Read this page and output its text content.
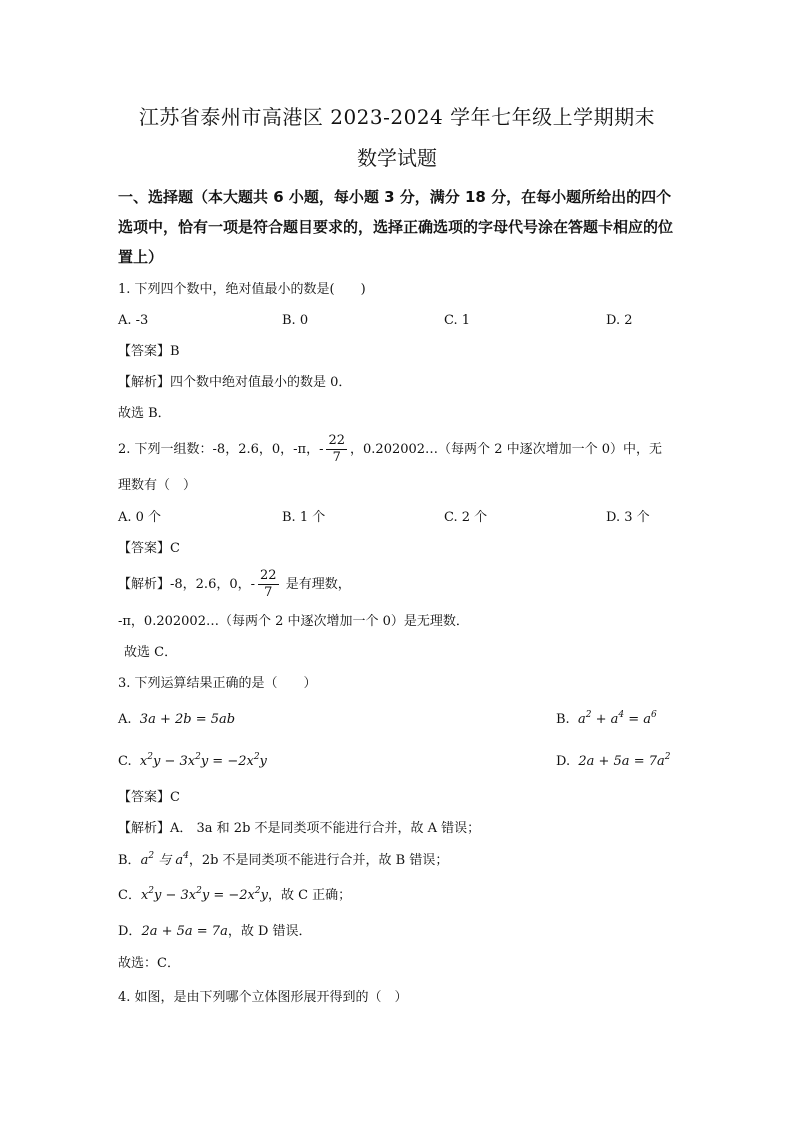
江苏省泰州市高港区 2023-2024 学年七年级上学期期末
数学试题
一、选择题（本大题共 6 小题，每小题 3 分，满分 18 分，在每小题所给出的四个选项中，恰有一项是符合题目要求的，选择正确选项的字母代号涂在答题卡相应的位置上）
1. 下列四个数中，绝对值最小的数是(　　)
A. -3	B. 0	C. 1	D. 2
【答案】B
【解析】四个数中绝对值最小的数是 0．
故选 B．
2. 下列一组数：-8，2.6，0，-π，- $\frac{22}{7}$ ，0.202002…（每两个 2 中逐次增加一个 0）中，无
理数有（　）
A. 0 个	B. 1 个	C. 2 个	D. 3 个
【答案】C
【解析】-8，2.6，0，- $\frac{22}{7}$ 是有理数，
-π，0.202002…（每两个 2 中逐次增加一个 0）是无理数．
故选 C．
3. 下列运算结果正确的是（　　）
A. 3a + 2b = 5ab	B. $a^2 + a^4 = a^6$
C. $x^2y - 3x^2y = -2x^2y$	D. $2a + 5a = 7a^2$
【答案】C
【解析】A． 3a 和 2b 不是同类项不能进行合并，故 A 错误；
B．$a^2$ 与 $a^4$，2b 不是同类项不能进行合并，故 B 错误；
C．$x^2y - 3x^2y = -2x^2y$，故 C 正确；
D．2a + 5a = 7a，故 D 错误．
故选：C．
4. 如图，是由下列哪个立体图形展开得到的（　）
